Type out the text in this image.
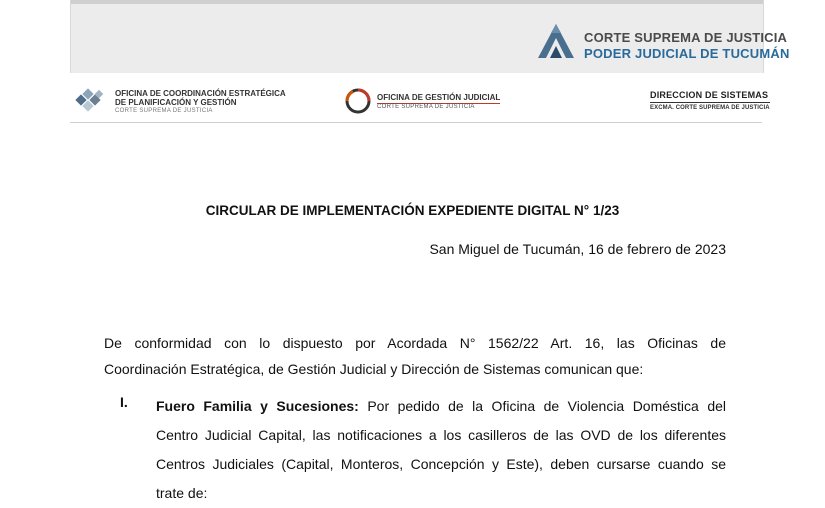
CORTE SUPREMA DE JUSTICIA
PODER JUDICIAL DE TUCUMÁN
OFICINA DE COORDINACIÓN ESTRATÉGICA
DE PLANIFICACIÓN Y GESTIÓN
CORTE SUPREMA DE JUSTICIA
OFICINA DE GESTIÓN JUDICIAL
CORTE SUPREMA DE JUSTICIA
DIRECCION DE SISTEMAS
EXCMA. CORTE SUPREMA DE JUSTICIA
CIRCULAR DE IMPLEMENTACIÓN EXPEDIENTE DIGITAL N° 1/23
San Miguel de Tucumán, 16 de febrero de 2023
De conformidad con lo dispuesto por Acordada N° 1562/22 Art. 16, las Oficinas de
Coordinación Estratégica, de Gestión Judicial y Dirección de Sistemas comunican que:
I. Fuero Familia y Sucesiones: Por pedido de la Oficina de Violencia Doméstica del
Centro Judicial Capital, las notificaciones a los casilleros de las OVD de los diferentes
Centros Judiciales (Capital, Monteros, Concepción y Este), deben cursarse cuando se
trate de:
